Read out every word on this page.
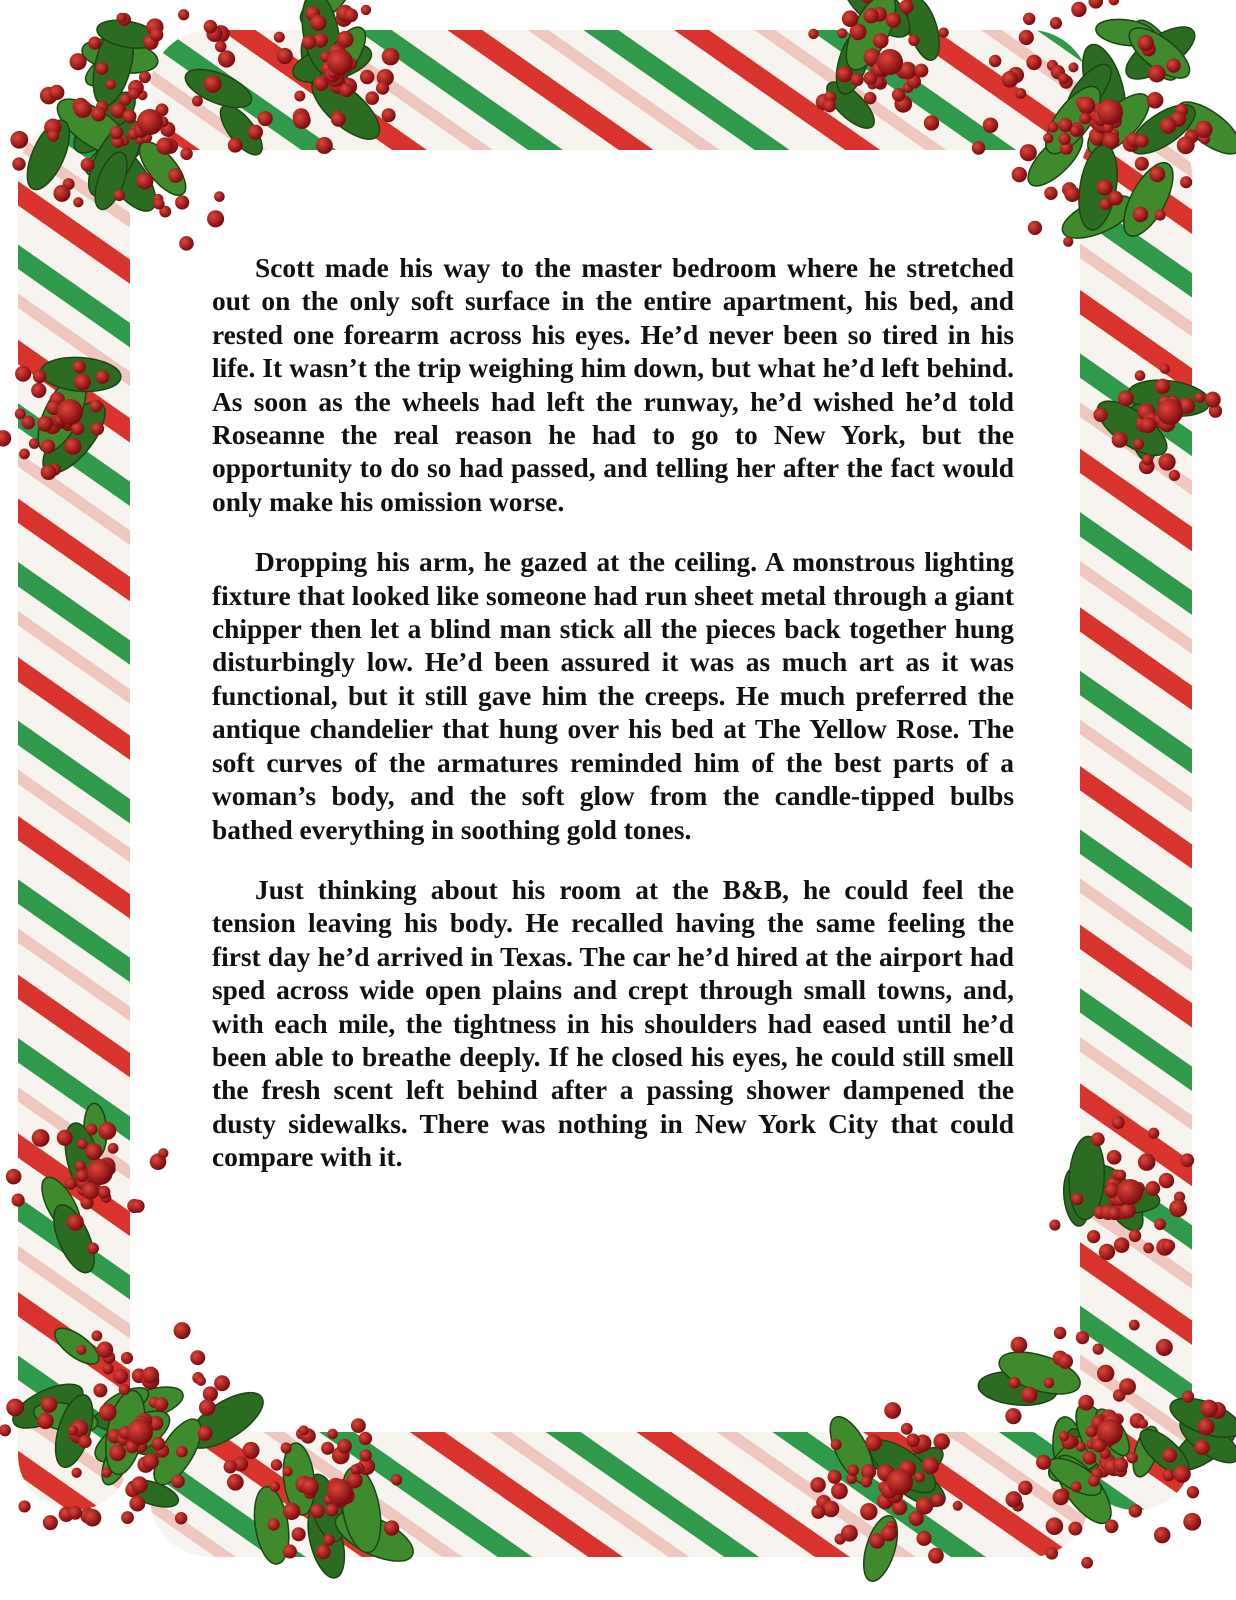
Scott made his way to the master bedroom where he stretched out on the only soft surface in the entire apartment, his bed, and rested one forearm across his eyes. He’d never been so tired in his life. It wasn’t the trip weighing him down, but what he’d left behind. As soon as the wheels had left the runway, he’d wished he’d told Roseanne the real reason he had to go to New York, but the opportunity to do so had passed, and telling her after the fact would only make his omission worse.

Dropping his arm, he gazed at the ceiling. A monstrous lighting fixture that looked like someone had run sheet metal through a giant chipper then let a blind man stick all the pieces back together hung disturbingly low. He’d been assured it was as much art as it was functional, but it still gave him the creeps. He much preferred the antique chandelier that hung over his bed at The Yellow Rose. The soft curves of the armatures reminded him of the best parts of a woman’s body, and the soft glow from the candle-tipped bulbs bathed everything in soothing gold tones.

Just thinking about his room at the B&B, he could feel the tension leaving his body. He recalled having the same feeling the first day he’d arrived in Texas. The car he’d hired at the airport had sped across wide open plains and crept through small towns, and, with each mile, the tightness in his shoulders had eased until he’d been able to breathe deeply. If he closed his eyes, he could still smell the fresh scent left behind after a passing shower dampened the dusty sidewalks. There was nothing in New York City that could compare with it.
